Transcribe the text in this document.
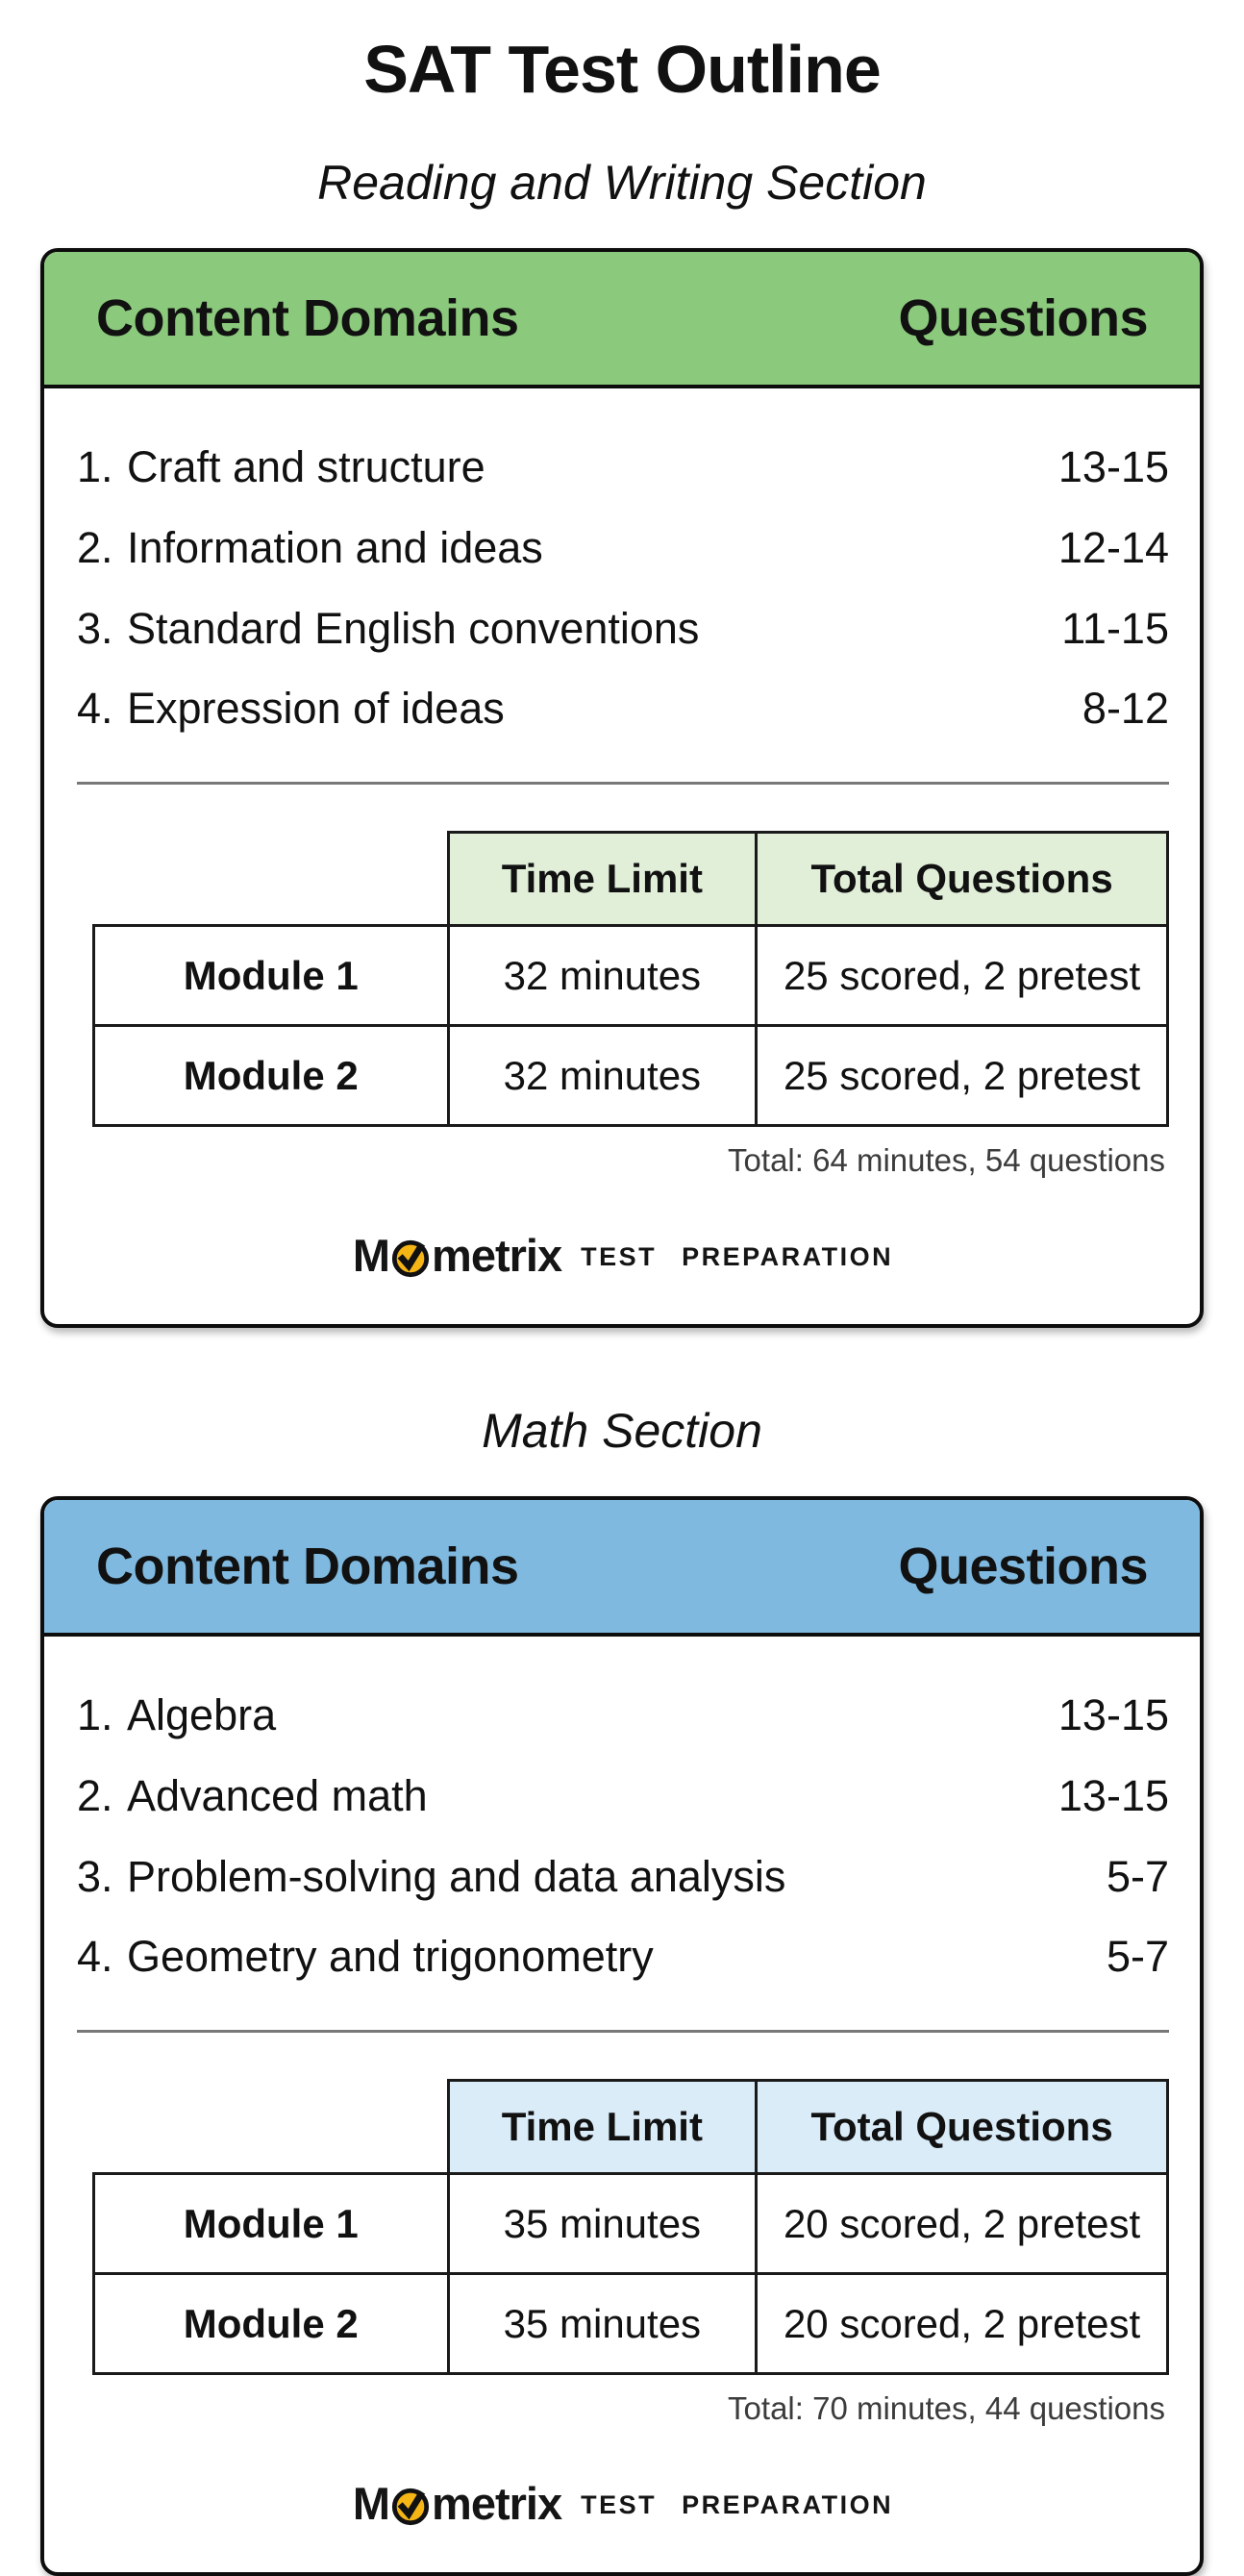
SAT Test Outline
Reading and Writing Section
Content Domains	Questions
1. Craft and structure	13-15
2. Information and ideas	12-14
3. Standard English conventions	11-15
4. Expression of ideas	8-12
	Time Limit	Total Questions
Module 1	32 minutes	25 scored, 2 pretest
Module 2	32 minutes	25 scored, 2 pretest
Total: 64 minutes, 54 questions
M metrix TEST PREPARATION
Math Section
Content Domains	Questions
1. Algebra	13-15
2. Advanced math	13-15
3. Problem-solving and data analysis	5-7
4. Geometry and trigonometry	5-7
	Time Limit	Total Questions
Module 1	35 minutes	20 scored, 2 pretest
Module 2	35 minutes	20 scored, 2 pretest
Total: 70 minutes, 44 questions
M metrix TEST PREPARATION
